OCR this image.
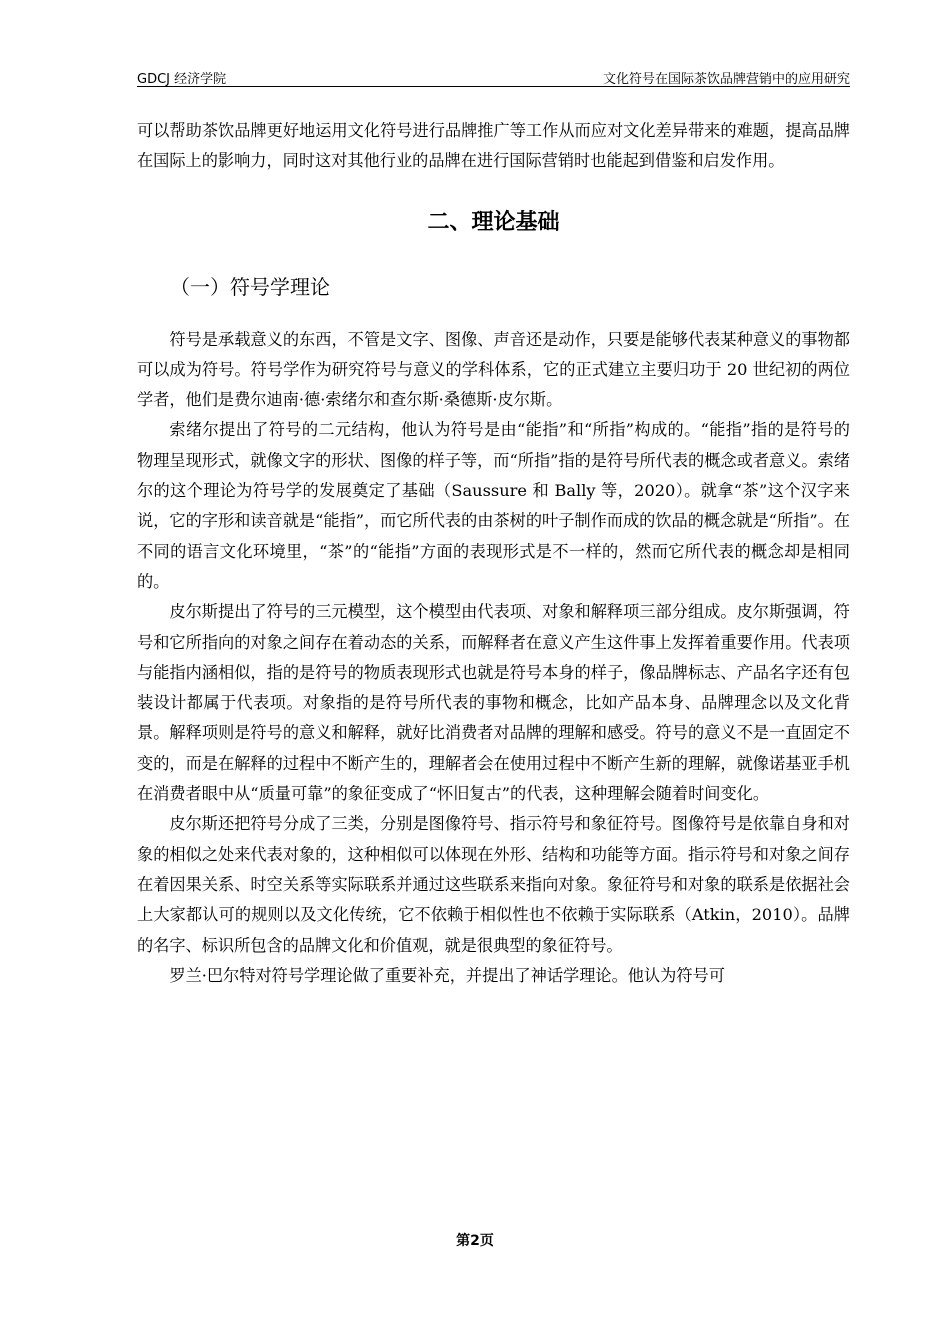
GDCJ 经济学院	文化符号在国际茶饮品牌营销中的应用研究

可以帮助茶饮品牌更好地运用文化符号进行品牌推广等工作从而应对文化差异带来的难题，提高品牌在国际上的影响力，同时这对其他行业的品牌在进行国际营销时也能起到借鉴和启发作用。

二、理论基础
（一）符号学理论

符号是承载意义的东西，不管是文字、图像、声音还是动作，只要是能够代表某种意义的事物都可以成为符号。符号学作为研究符号与意义的学科体系，它的正式建立主要归功于 20 世纪初的两位学者，他们是费尔迪南·德·索绪尔和查尔斯·桑德斯·皮尔斯。

索绪尔提出了符号的二元结构，他认为符号是由“能指”和“所指”构成的。“能指”指的是符号的物理呈现形式，就像文字的形状、图像的样子等，而“所指”指的是符号所代表的概念或者意义。索绪尔的这个理论为符号学的发展奠定了基础（Saussure 和 Bally 等，2020）。就拿“茶”这个汉字来说，它的字形和读音就是“能指”，而它所代表的由茶树的叶子制作而成的饮品的概念就是“所指”。在不同的语言文化环境里，“茶”的“能指”方面的表现形式是不一样的，然而它所代表的概念却是相同的。

皮尔斯提出了符号的三元模型，这个模型由代表项、对象和解释项三部分组成。皮尔斯强调，符号和它所指向的对象之间存在着动态的关系，而解释者在意义产生这件事上发挥着重要作用。代表项与能指内涵相似，指的是符号的物质表现形式也就是符号本身的样子，像品牌标志、产品名字还有包装设计都属于代表项。对象指的是符号所代表的事物和概念，比如产品本身、品牌理念以及文化背景。解释项则是符号的意义和解释，就好比消费者对品牌的理解和感受。符号的意义不是一直固定不变的，而是在解释的过程中不断产生的，理解者会在使用过程中不断产生新的理解，就像诺基亚手机在消费者眼中从“质量可靠”的象征变成了“怀旧复古”的代表，这种理解会随着时间变化。

皮尔斯还把符号分成了三类，分别是图像符号、指示符号和象征符号。图像符号是依靠自身和对象的相似之处来代表对象的，这种相似可以体现在外形、结构和功能等方面。指示符号和对象之间存在着因果关系、时空关系等实际联系并通过这些联系来指向对象。象征符号和对象的联系是依据社会上大家都认可的规则以及文化传统，它不依赖于相似性也不依赖于实际联系（Atkin，2010）。品牌的名字、标识所包含的品牌文化和价值观，就是很典型的象征符号。

罗兰·巴尔特对符号学理论做了重要补充，并提出了神话学理论。他认为符号可

第2页
